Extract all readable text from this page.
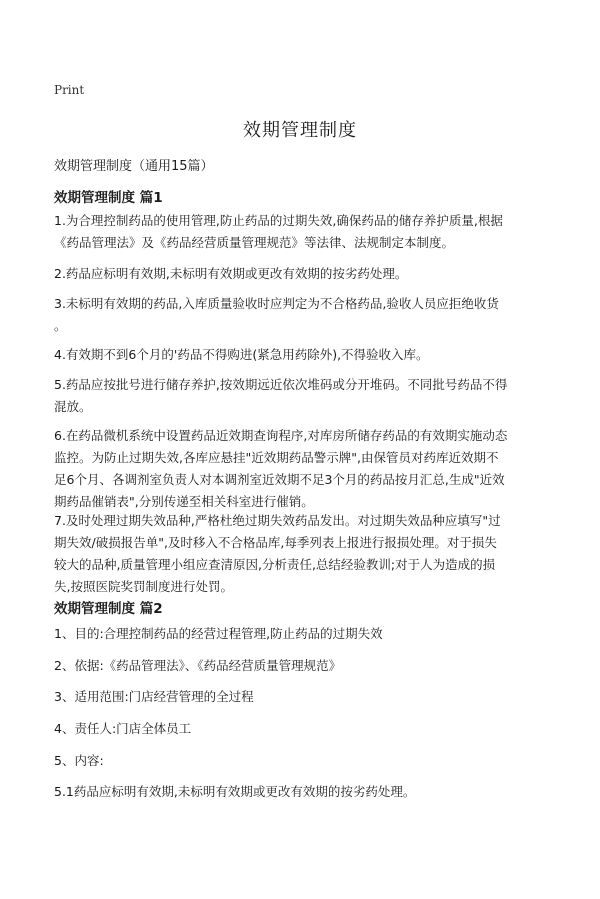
Print
效期管理制度
效期管理制度（通用15篇）
效期管理制度 篇1
1.为合理控制药品的使用管理,防止药品的过期失效,确保药品的储存养护质量,根据
《药品管理法》及《药品经营质量管理规范》等法律、法规制定本制度。
2.药品应标明有效期,未标明有效期或更改有效期的按劣药处理。
3.未标明有效期的药品,入库质量验收时应判定为不合格药品,验收人员应拒绝收货
。
4.有效期不到6个月的'药品不得购进(紧急用药除外),不得验收入库。
5.药品应按批号进行储存养护,按效期远近依次堆码或分开堆码。不同批号药品不得
混放。
6.在药品微机系统中设置药品近效期查询程序,对库房所储存药品的有效期实施动态
监控。为防止过期失效,各库应悬挂"近效期药品警示牌",由保管员对药库近效期不
足6个月、各调剂室负责人对本调剂室近效期不足3个月的药品按月汇总,生成"近效
期药品催销表",分别传递至相关科室进行催销。
7.及时处理过期失效品种,严格杜绝过期失效药品发出。对过期失效品种应填写"过
期失效/破损报告单",及时移入不合格品库,每季列表上报进行报损处理。对于损失
较大的品种,质量管理小组应查清原因,分析责任,总结经验教训;对于人为造成的损
失,按照医院奖罚制度进行处罚。
效期管理制度 篇2
1、目的:合理控制药品的经营过程管理,防止药品的过期失效
2、依据:《药品管理法》、《药品经营质量管理规范》
3、适用范围:门店经营管理的全过程
4、责任人:门店全体员工
5、内容:
5.1药品应标明有效期,未标明有效期或更改有效期的按劣药处理。
